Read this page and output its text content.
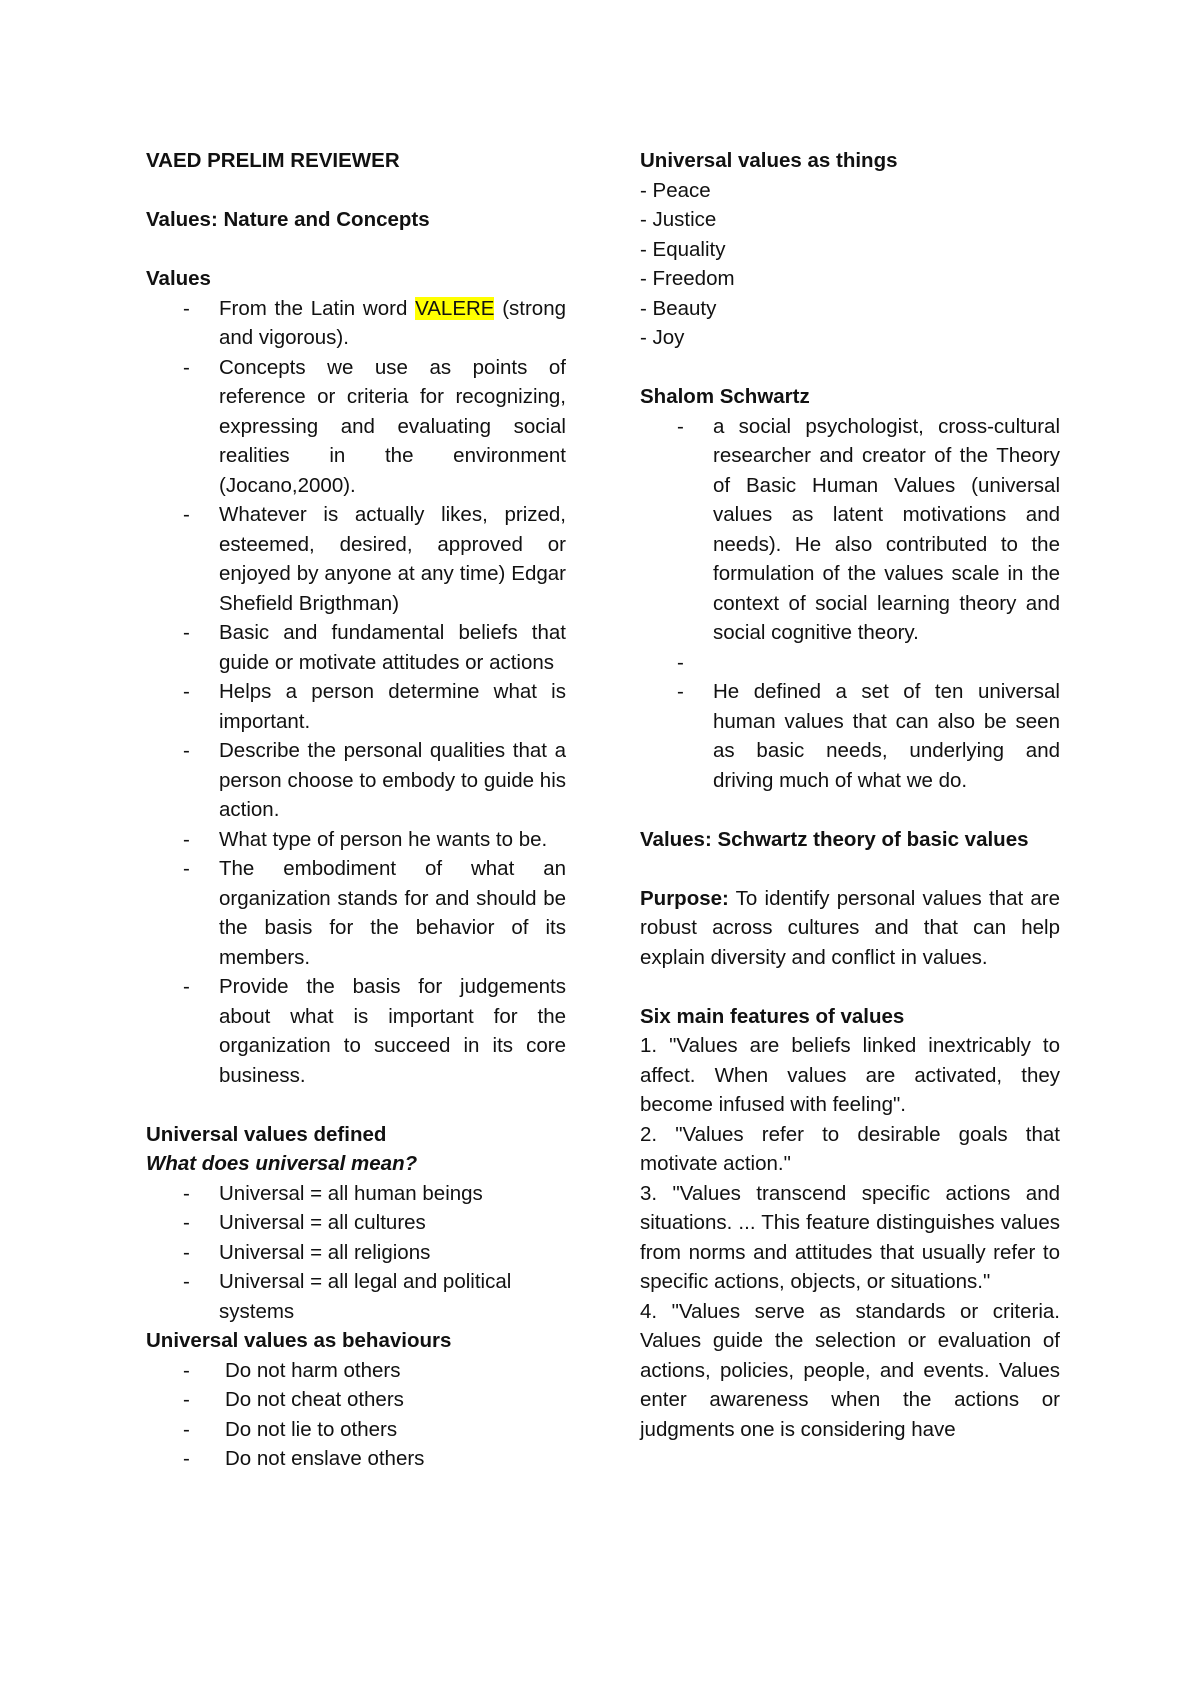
VAED PRELIM REVIEWER
Values: Nature and Concepts
Values
- From the Latin word VALERE (strong and vigorous).
- Concepts we use as points of reference or criteria for recognizing, expressing and evaluating social realities in the environment (Jocano,2000).
- Whatever is actually likes, prized, esteemed, desired, approved or enjoyed by anyone at any time) Edgar Shefield Brigthman)
- Basic and fundamental beliefs that guide or motivate attitudes or actions
- Helps a person determine what is important.
- Describe the personal qualities that a person choose to embody to guide his action.
- What type of person he wants to be.
- The embodiment of what an organization stands for and should be the basis for the behavior of its members.
- Provide the basis for judgements about what is important for the organization to succeed in its core business.
Universal values defined
What does universal mean?
- Universal = all human beings
- Universal = all cultures
- Universal = all religions
- Universal = all legal and political systems
Universal values as behaviours
- Do not harm others
- Do not cheat others
- Do not lie to others
- Do not enslave others
Universal values as things
- Peace
- Justice
- Equality
- Freedom
- Beauty
- Joy
Shalom Schwartz
- a social psychologist, cross-cultural researcher and creator of the Theory of Basic Human Values (universal values as latent motivations and needs). He also contributed to the formulation of the values scale in the context of social learning theory and social cognitive theory.
-
- He defined a set of ten universal human values that can also be seen as basic needs, underlying and driving much of what we do.
Values: Schwartz theory of basic values
Purpose: To identify personal values that are robust across cultures and that can help explain diversity and conflict in values.
Six main features of values
1. "Values are beliefs linked inextricably to affect. When values are activated, they become infused with feeling".
2. "Values refer to desirable goals that motivate action."
3. "Values transcend specific actions and situations. ... This feature distinguishes values from norms and attitudes that usually refer to specific actions, objects, or situations."
4. "Values serve as standards or criteria. Values guide the selection or evaluation of actions, policies, people, and events. Values enter awareness when the actions or judgments one is considering have
